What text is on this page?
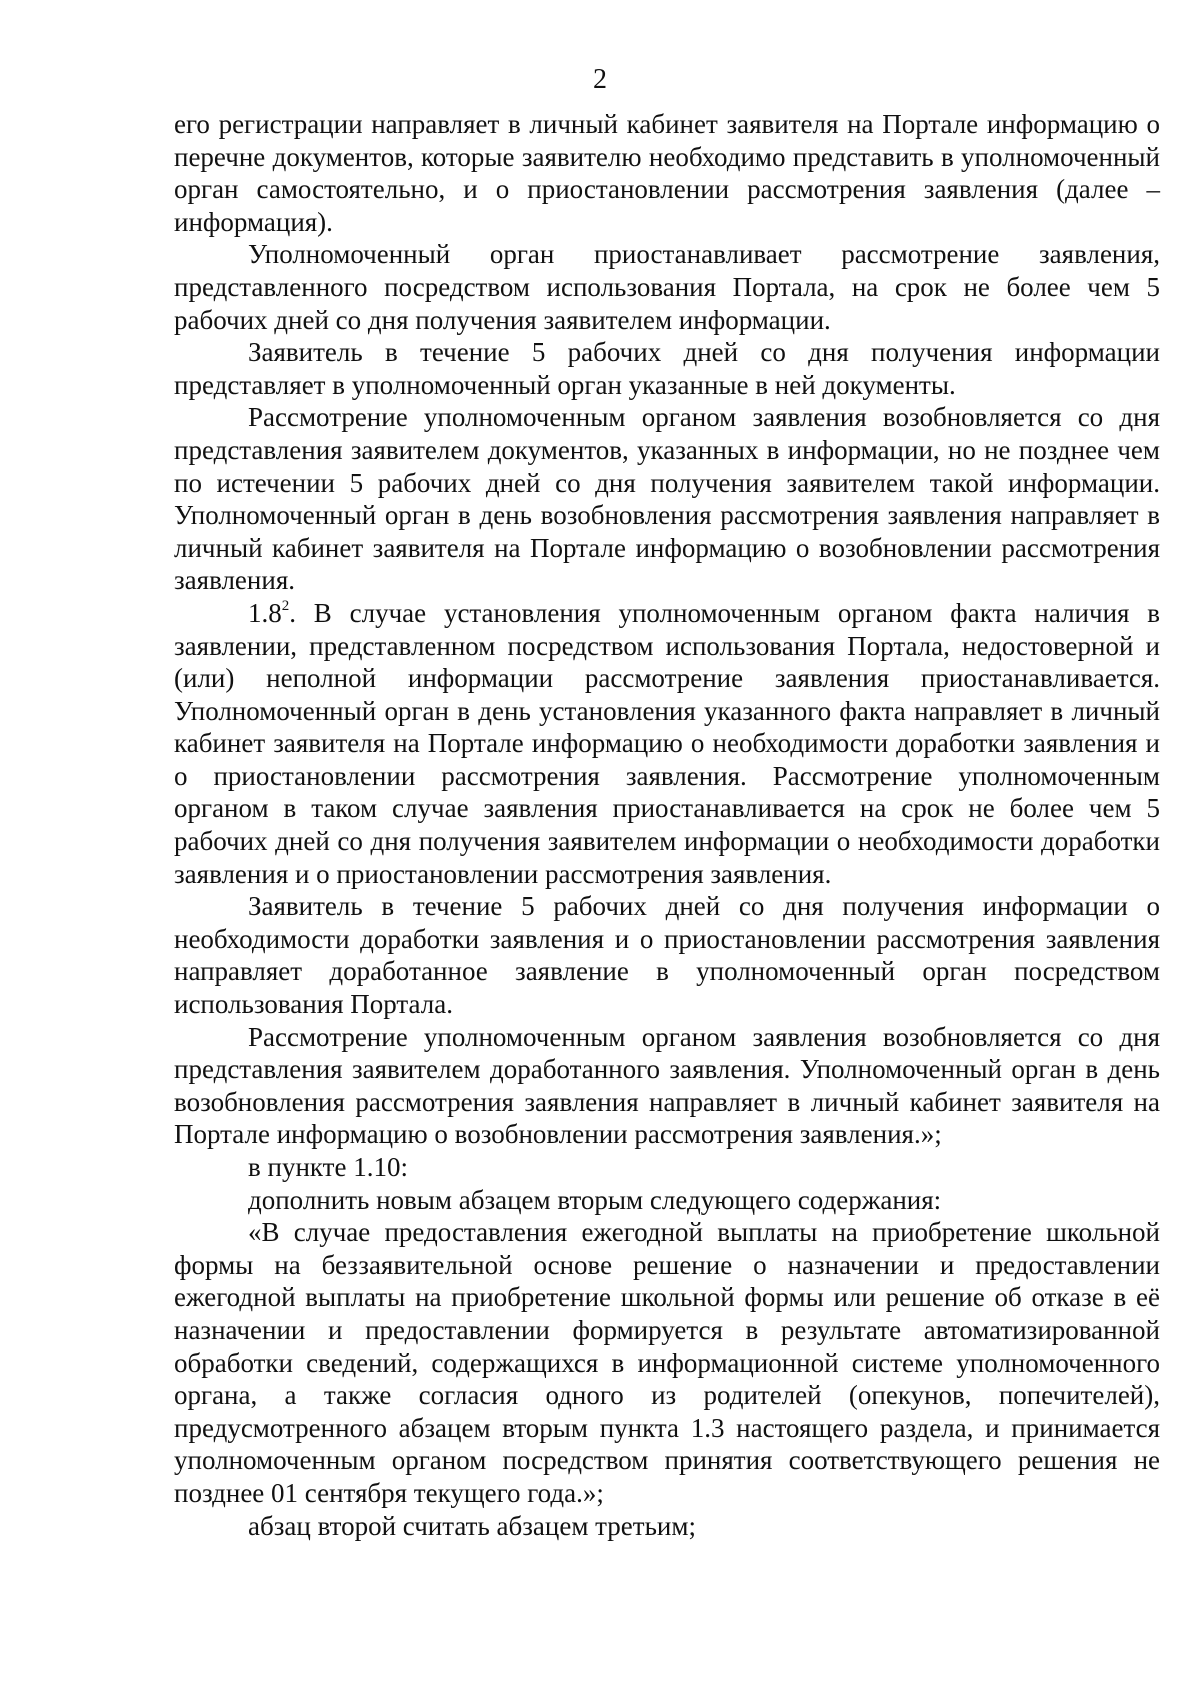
2

его регистрации направляет в личный кабинет заявителя на Портале информацию о перечне документов, которые заявителю необходимо представить в уполномоченный орган самостоятельно, и о приостановлении рассмотрения заявления (далее – информация).

Уполномоченный орган приостанавливает рассмотрение заявления, представленного посредством использования Портала, на срок не более чем 5 рабочих дней со дня получения заявителем информации.

Заявитель в течение 5 рабочих дней со дня получения информации представляет в уполномоченный орган указанные в ней документы.

Рассмотрение уполномоченным органом заявления возобновляется со дня представления заявителем документов, указанных в информации, но не позднее чем по истечении 5 рабочих дней со дня получения заявителем такой информации. Уполномоченный орган в день возобновления рассмотрения заявления направляет в личный кабинет заявителя на Портале информацию о возобновлении рассмотрения заявления.

$1.8^2$. В случае установления уполномоченным органом факта наличия в заявлении, представленном посредством использования Портала, недостоверной и (или) неполной информации рассмотрение заявления приостанавливается. Уполномоченный орган в день установления указанного факта направляет в личный кабинет заявителя на Портале информацию о необходимости доработки заявления и о приостановлении рассмотрения заявления. Рассмотрение уполномоченным органом в таком случае заявления приостанавливается на срок не более чем 5 рабочих дней со дня получения заявителем информации о необходимости доработки заявления и о приостановлении рассмотрения заявления.

Заявитель в течение 5 рабочих дней со дня получения информации о необходимости доработки заявления и о приостановлении рассмотрения заявления направляет доработанное заявление в уполномоченный орган посредством использования Портала.

Рассмотрение уполномоченным органом заявления возобновляется со дня представления заявителем доработанного заявления. Уполномоченный орган в день возобновления рассмотрения заявления направляет в личный кабинет заявителя на Портале информацию о возобновлении рассмотрения заявления.»;

в пункте 1.10:

дополнить новым абзацем вторым следующего содержания:

«В случае предоставления ежегодной выплаты на приобретение школьной формы на беззаявительной основе решение о назначении и предоставлении ежегодной выплаты на приобретение школьной формы или решение об отказе в её назначении и предоставлении формируется в результате автоматизированной обработки сведений, содержащихся в информационной системе уполномоченного органа, а также согласия одного из родителей (опекунов, попечителей), предусмотренного абзацем вторым пункта 1.3 настоящего раздела, и принимается уполномоченным органом посредством принятия соответствующего решения не позднее 01 сентября текущего года.»;

абзац второй считать абзацем третьим;
